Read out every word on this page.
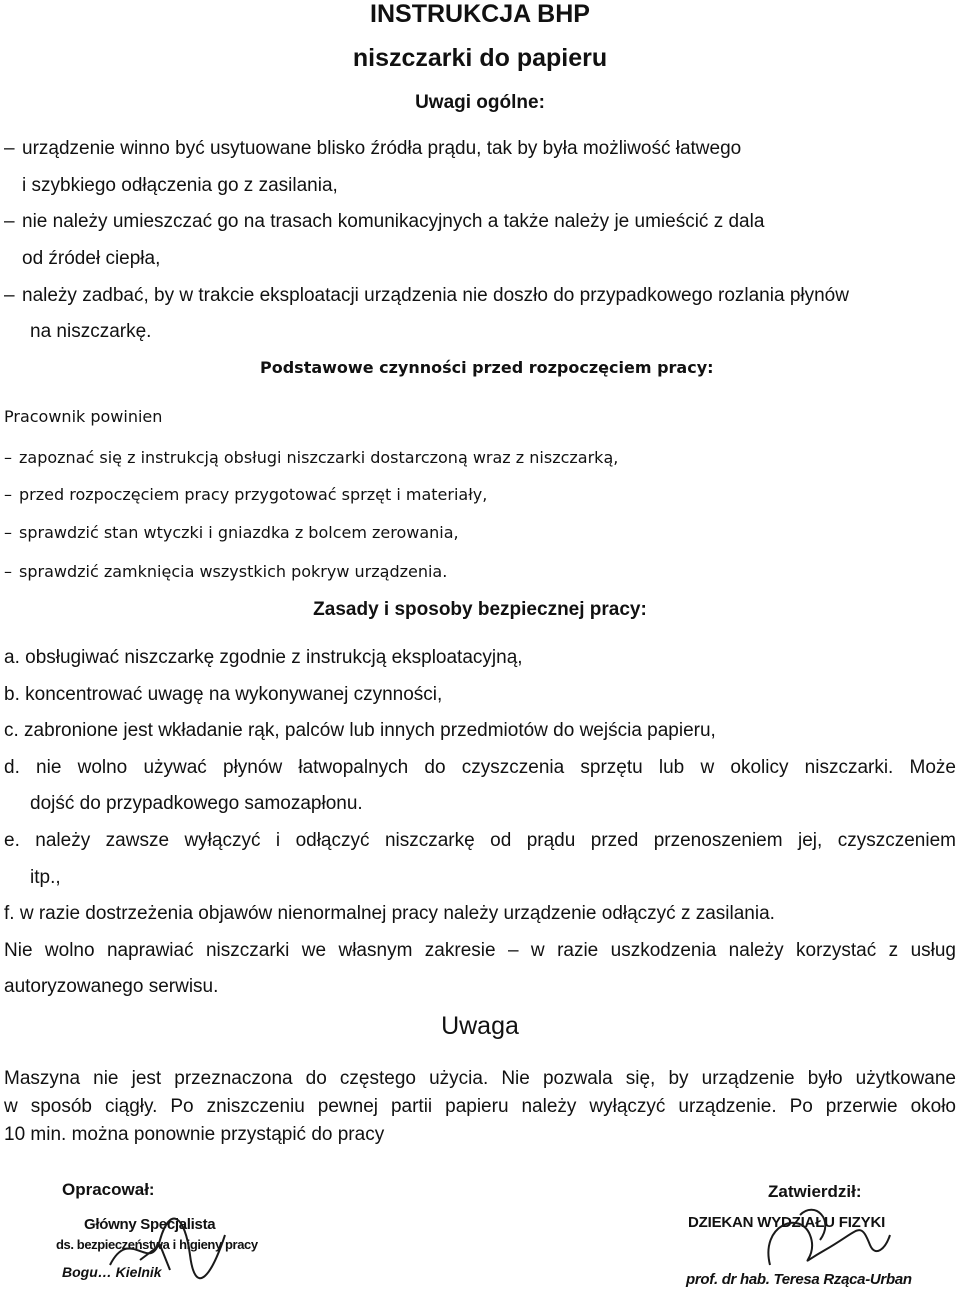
INSTRUKCJA BHP
niszczarki do papieru
Uwagi ogólne:
– urządzenie winno być usytuowane blisko źródła prądu, tak by była możliwość łatwego
i szybkiego odłączenia go z zasilania,
– nie należy umieszczać go na trasach komunikacyjnych a także należy je umieścić z dala
od źródeł ciepła,
– należy zadbać, by w trakcie eksploatacji urządzenia nie doszło do przypadkowego rozlania płynów
na niszczarkę.
Podstawowe czynności przed rozpoczęciem pracy:
Pracownik powinien
– zapoznać się z instrukcją obsługi niszczarki dostarczoną wraz z niszczarką,
– przed rozpoczęciem pracy przygotować sprzęt i materiały,
– sprawdzić stan wtyczki i gniazdka z bolcem zerowania,
– sprawdzić zamknięcia wszystkich pokryw urządzenia.
Zasady i sposoby bezpiecznej pracy:
a. obsługiwać niszczarkę zgodnie z instrukcją eksploatacyjną,
b. koncentrować uwagę na wykonywanej czynności,
c. zabronione jest wkładanie rąk, palców lub innych przedmiotów do wejścia papieru,
d. nie wolno używać płynów łatwopalnych do czyszczenia sprzętu lub w okolicy niszczarki. Może
dojść do przypadkowego samozapłonu.
e. należy zawsze wyłączyć i odłączyć niszczarkę od prądu przed przenoszeniem jej, czyszczeniem
itp.,
f. w razie dostrzeżenia objawów nienormalnej pracy należy urządzenie odłączyć z zasilania.
Nie wolno naprawiać niszczarki we własnym zakresie – w razie uszkodzenia należy korzystać z usług
autoryzowanego serwisu.
Uwaga
Maszyna nie jest przeznaczona do częstego użycia. Nie pozwala się, by urządzenie było użytkowane
w sposób ciągły. Po zniszczeniu pewnej partii papieru należy wyłączyć urządzenie. Po przerwie około
10 min. można ponownie przystąpić do pracy
Opracował:
Główny Specjalista
ds. bezpieczeństwa i higieny pracy
Bogu… Kielnik
Zatwierdził:
DZIEKAN WYDZIAŁU FIZYKI
prof. dr hab. Teresa Rząca-Urban
